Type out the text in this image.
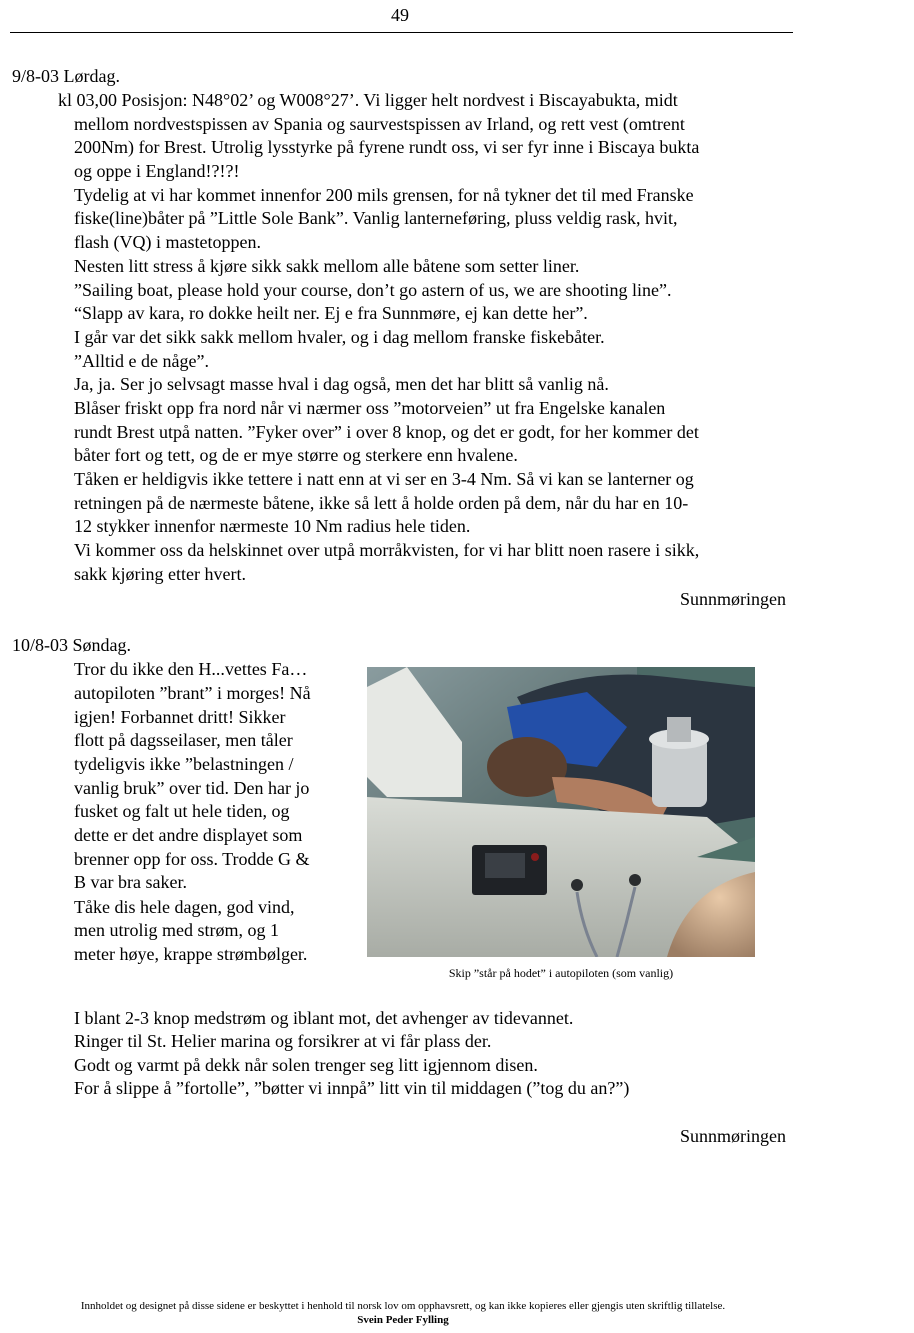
49
9/8-03 Lørdag.
kl 03,00 Posisjon: N48°02’ og W008°27’. Vi ligger helt nordvest i Biscayabukta, midt
mellom nordvestspissen av Spania og saurvestspissen av Irland, og rett vest (omtrent
200Nm) for Brest. Utrolig lysstyrke på fyrene rundt oss, vi ser fyr inne i Biscaya bukta
og oppe i England!?!?!
Tydelig at vi har kommet innenfor 200 mils grensen, for nå tykner det til med Franske
fiske(line)båter på ”Little Sole Bank”. Vanlig lanterneføring, pluss veldig rask, hvit,
flash (VQ) i mastetoppen.
Nesten litt stress å kjøre sikk sakk mellom alle båtene som setter liner.
”Sailing boat, please hold your course, don’t go astern of us, we are shooting line”.
“Slapp av kara, ro dokke heilt ner. Ej e fra Sunnmøre, ej kan dette her”.
I går var det sikk sakk mellom hvaler, og i dag mellom franske fiskebåter.
”Alltid e de någe”.
Ja, ja. Ser jo selvsagt masse hval i dag også, men det har blitt så vanlig nå.
Blåser friskt opp fra nord når vi nærmer oss ”motorveien” ut fra Engelske kanalen
rundt Brest utpå natten. ”Fyker over” i over 8 knop, og det er godt, for her kommer det
båter fort og tett, og de er mye større og sterkere enn hvalene.
Tåken er heldigvis ikke tettere i natt enn at vi ser en 3-4 Nm. Så vi kan se lanterner og
retningen på de nærmeste båtene, ikke så lett å holde orden på dem, når du har en 10-
12 stykker innenfor nærmeste 10 Nm radius hele tiden.
Vi kommer oss da helskinnet over utpå morråkvisten, for vi har blitt noen rasere i sikk,
sakk kjøring etter hvert.
Sunnmøringen
10/8-03 Søndag.
Tror du ikke den H...vettes Fa…
autopiloten ”brant” i morges! Nå
igjen! Forbannet dritt! Sikker
flott på dagsseilaser, men tåler
tydeligvis ikke ”belastningen /
vanlig bruk” over tid. Den har jo
fusket og falt ut hele tiden, og
dette er det andre displayet som
brenner opp for oss. Trodde G &
B var bra saker.
Tåke dis hele dagen, god vind,
men utrolig med strøm, og 1
meter høye, krappe strømbølger.
Skip ”står på hodet” i autopiloten (som vanlig)
I blant 2-3 knop medstrøm og iblant mot, det avhenger av tidevannet.
Ringer til St. Helier marina og forsikrer at vi får plass der.
Godt og varmt på dekk når solen trenger seg litt igjennom disen.
For å slippe å ”fortolle”, ”bøtter vi innpå” litt vin til middagen (”tog du an?”)
Sunnmøringen
Innholdet og designet på disse sidene er beskyttet i henhold til norsk lov om opphavsrett, og kan ikke kopieres eller gjengis uten skriftlig tillatelse.
Svein Peder Fylling
